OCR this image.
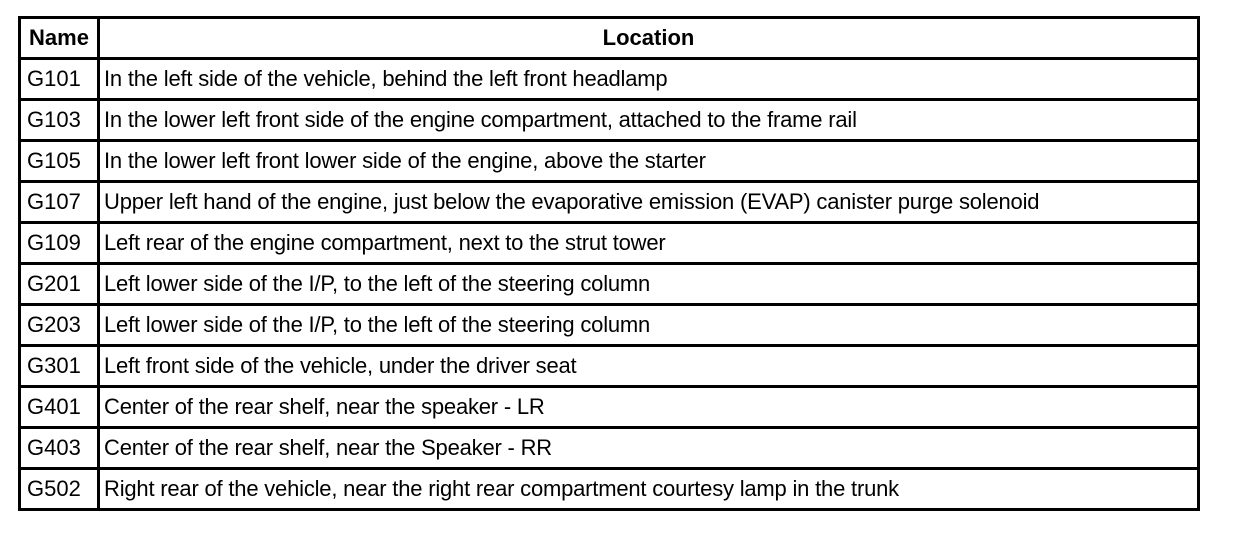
Name	Location
G101	In the left side of the vehicle, behind the left front headlamp
G103	In the lower left front side of the engine compartment, attached to the frame rail
G105	In the lower left front lower side of the engine, above the starter
G107	Upper left hand of the engine, just below the evaporative emission (EVAP) canister purge solenoid
G109	Left rear of the engine compartment, next to the strut tower
G201	Left lower side of the I/P, to the left of the steering column
G203	Left lower side of the I/P, to the left of the steering column
G301	Left front side of the vehicle, under the driver seat
G401	Center of the rear shelf, near the speaker - LR
G403	Center of the rear shelf, near the Speaker - RR
G502	Right rear of the vehicle, near the right rear compartment courtesy lamp in the trunk
